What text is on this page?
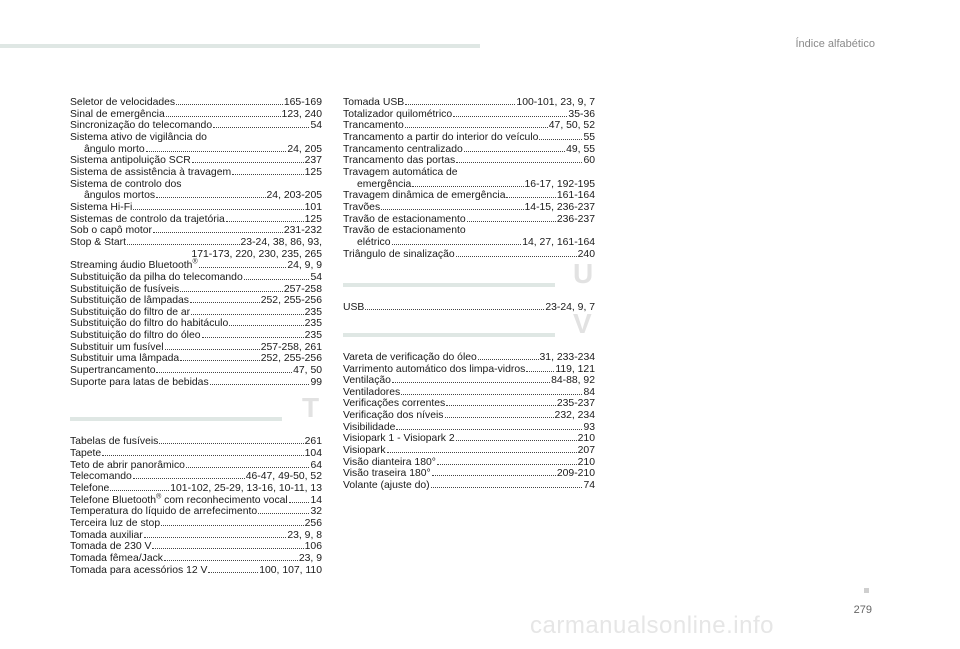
Índice alfabético
Seletor de velocidades	165-169
Sinal de emergência	123, 240
Sincronização do telecomando	54
Sistema ativo de vigilância do
ângulo morto	24, 205
Sistema antipoluição SCR	237
Sistema de assistência à travagem	125
Sistema de controlo dos
ângulos mortos	24, 203-205
Sistema Hi-Fi	101
Sistemas de controlo da trajetória	125
Sob o capô motor	231-232
Stop & Start	23-24, 38, 86, 93,
171-173, 220, 230, 235, 265
Streaming áudio Bluetooth®	24, 9, 9
Substituição da pilha do telecomando	54
Substituição de fusíveis	257-258
Substituição de lâmpadas	252, 255-256
Substituição do filtro de ar	235
Substituição do filtro do habitáculo	235
Substituição do filtro do óleo	235
Substituir um fusível	257-258, 261
Substituir uma lâmpada	252, 255-256
Supertrancamento	47, 50
Suporte para latas de bebidas	99
T
Tabelas de fusíveis	261
Tapete	104
Teto de abrir panorâmico	64
Telecomando	46-47, 49-50, 52
Telefone	101-102, 25-29, 13-16, 10-11, 13
Telefone Bluetooth® com reconhecimento vocal 14
Temperatura do líquido de arrefecimento	32
Terceira luz de stop	256
Tomada auxiliar	23, 9, 8
Tomada de 230 V	106
Tomada fêmea/Jack	23, 9
Tomada para acessórios 12 V	100, 107, 110
Tomada USB	100-101, 23, 9, 7
Totalizador quilométrico	35-36
Trancamento	47, 50, 52
Trancamento a partir do interior do veículo	55
Trancamento centralizado	49, 55
Trancamento das portas	60
Travagem automática de
emergência	16-17, 192-195
Travagem dinâmica de emergência	161-164
Travões	14-15, 236-237
Travão de estacionamento	236-237
Travão de estacionamento
elétrico	14, 27, 161-164
Triângulo de sinalização	240
U
USB	23-24, 9, 7
V
Vareta de verificação do óleo	31, 233-234
Varrimento automático dos limpa-vidros	119, 121
Ventilação	84-88, 92
Ventiladores	84
Verificações correntes	235-237
Verificação dos níveis	232, 234
Visibilidade	93
Visiopark 1 - Visiopark 2	210
Visiopark	207
Visão dianteira 180°	210
Visão traseira 180°	209-210
Volante (ajuste do)	74
279
carmanualsonline.info
